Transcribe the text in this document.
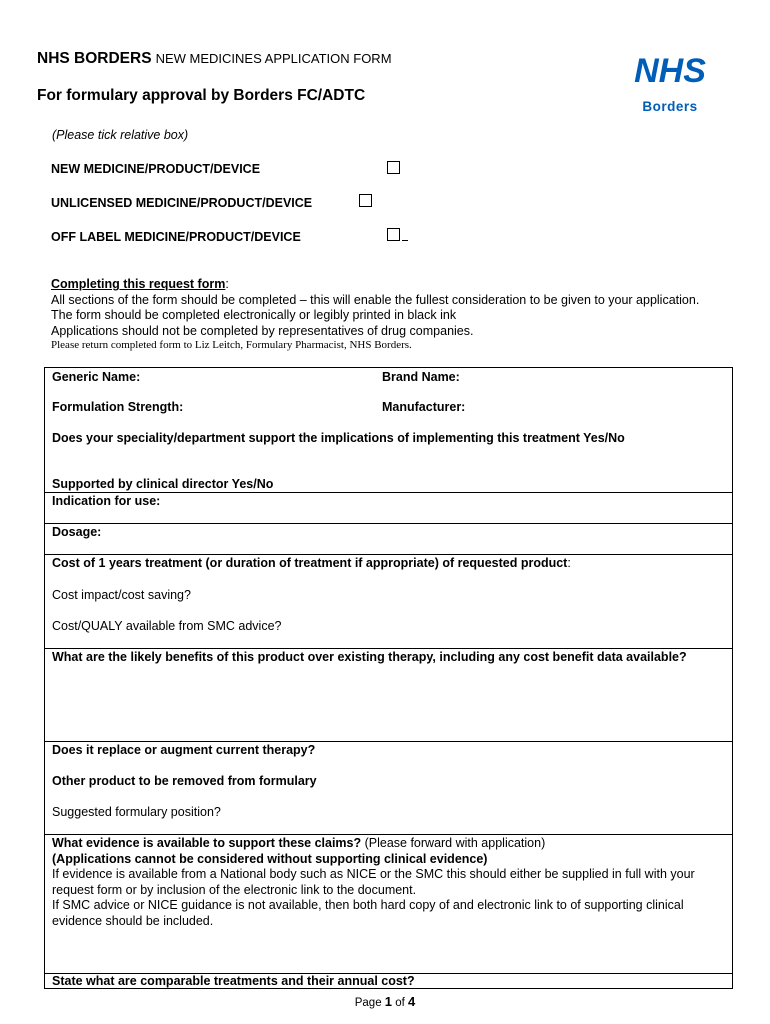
NHS BORDERS NEW MEDICINES APPLICATION FORM
For formulary approval by Borders FC/ADTC
NHS
Borders
(Please tick relative box)
NEW MEDICINE/PRODUCT/DEVICE
UNLICENSED MEDICINE/PRODUCT/DEVICE
OFF LABEL MEDICINE/PRODUCT/DEVICE
Completing this request form:
All sections of the form should be completed – this will enable the fullest consideration to be given to your application.
The form should be completed electronically or legibly printed in black ink
Applications should not be completed by representatives of drug companies.
Please return completed form to Liz Leitch, Formulary Pharmacist, NHS Borders.
Generic Name:	Brand Name:
Formulation Strength:	Manufacturer:
Does your speciality/department support the implications of implementing this treatment Yes/No
Supported by clinical director Yes/No
Indication for use:
Dosage:
Cost of 1 years treatment (or duration of treatment if appropriate) of requested product:
Cost impact/cost saving?
Cost/QUALY available from SMC advice?
What are the likely benefits of this product over existing therapy, including any cost benefit data available?
Does it replace or augment current therapy?
Other product to be removed from formulary
Suggested formulary position?
What evidence is available to support these claims? (Please forward with application)
(Applications cannot be considered without supporting clinical evidence)
If evidence is available from a National body such as NICE or the SMC this should either be supplied in full with your request form or by inclusion of the electronic link to the document.
If SMC advice or NICE guidance is not available, then both hard copy of and electronic link to of supporting clinical evidence should be included.
State what are comparable treatments and their annual cost?
Page 1 of 4
